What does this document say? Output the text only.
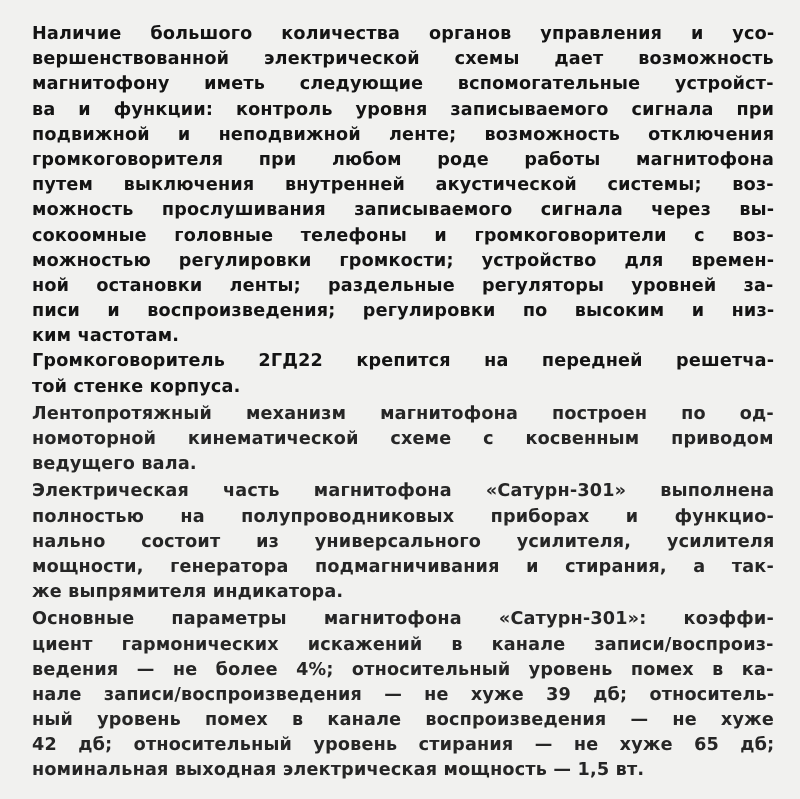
Наличие большого количества органов управления и усо-
вершенствованной электрической схемы дает возможность
магнитофону иметь следующие вспомогательные устройст-
ва и функции: контроль уровня записываемого сигнала при
подвижной и неподвижной ленте; возможность отключения
громкоговорителя при любом роде работы магнитофона
путем выключения внутренней акустической системы; воз-
можность прослушивания записываемого сигнала через вы-
сокоомные головные телефоны и громкоговорители с воз-
можностью регулировки громкости; устройство для времен-
ной остановки ленты; раздельные регуляторы уровней за-
писи и воспроизведения; регулировки по высоким и низ-
ким частотам.
Громкоговоритель 2ГД22 крепится на передней решетча-
той стенке корпуса.
Лентопротяжный механизм магнитофона построен по од-
номоторной кинематической схеме с косвенным приводом
ведущего вала.
Электрическая часть магнитофона «Сатурн-301» выполнена
полностью на полупроводниковых приборах и функцио-
нально состоит из универсального усилителя, усилителя
мощности, генератора подмагничивания и стирания, а так-
же выпрямителя индикатора.
Основные параметры магнитофона «Сатурн-301»: коэффи-
циент гармонических искажений в канале записи/воспроиз-
ведения — не более 4%; относительный уровень помех в ка-
нале записи/воспроизведения — не хуже 39 дб; относитель-
ный уровень помех в канале воспроизведения — не хуже
42 дб; относительный уровень стирания — не хуже 65 дб;
номинальная выходная электрическая мощность — 1,5 вт.
